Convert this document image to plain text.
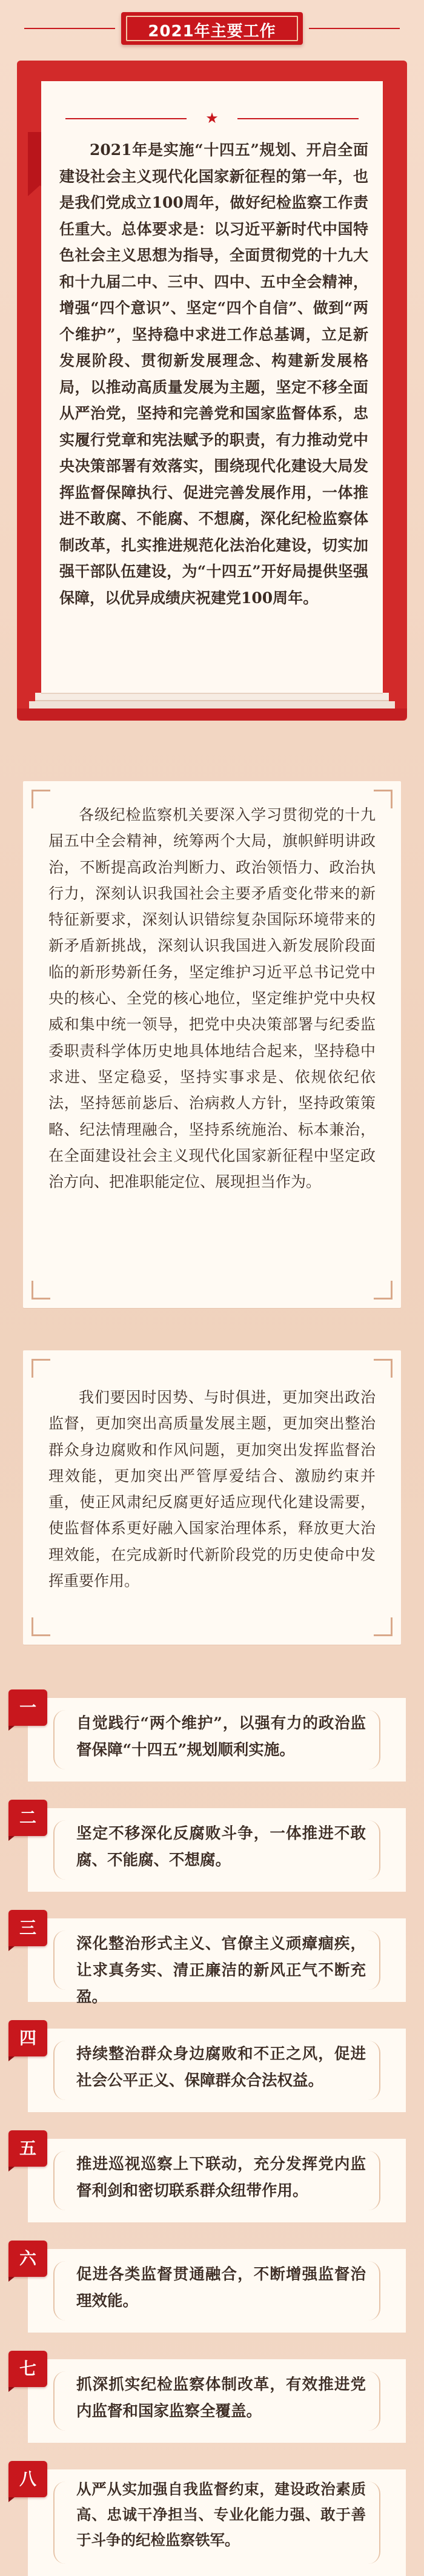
2021年主要工作
★

2021年是实施“十四五”规划、开启全面建设社会主义现代化国家新征程的第一年，也是我们党成立100周年，做好纪检监察工作责任重大。总体要求是：以习近平新时代中国特色社会主义思想为指导，全面贯彻党的十九大和十九届二中、三中、四中、五中全会精神，增强“四个意识”、坚定“四个自信”、做到“两个维护”，坚持稳中求进工作总基调，立足新发展阶段、贯彻新发展理念、构建新发展格局，以推动高质量发展为主题，坚定不移全面从严治党，坚持和完善党和国家监督体系，忠实履行党章和宪法赋予的职责，有力推动党中央决策部署有效落实，围绕现代化建设大局发挥监督保障执行、促进完善发展作用，一体推进不敢腐、不能腐、不想腐，深化纪检监察体制改革，扎实推进规范化法治化建设，切实加强干部队伍建设，为“十四五”开好局提供坚强保障，以优异成绩庆祝建党100周年。

各级纪检监察机关要深入学习贯彻党的十九届五中全会精神，统筹两个大局，旗帜鲜明讲政治，不断提高政治判断力、政治领悟力、政治执行力，深刻认识我国社会主要矛盾变化带来的新特征新要求，深刻认识错综复杂国际环境带来的新矛盾新挑战，深刻认识我国进入新发展阶段面临的新形势新任务，坚定维护习近平总书记党中央的核心、全党的核心地位，坚定维护党中央权威和集中统一领导，把党中央决策部署与纪委监委职责科学体历史地具体地结合起来，坚持稳中求进、坚定稳妥，坚持实事求是、依规依纪依法，坚持惩前毖后、治病救人方针，坚持政策策略、纪法情理融合，坚持系统施治、标本兼治，在全面建设社会主义现代化国家新征程中坚定政治方向、把准职能定位、展现担当作为。

我们要因时因势、与时俱进，更加突出政治监督，更加突出高质量发展主题，更加突出整治群众身边腐败和作风问题，更加突出发挥监督治理效能，更加突出严管厚爱结合、激励约束并重，使正风肃纪反腐更好适应现代化建设需要，使监督体系更好融入国家治理体系，释放更大治理效能，在完成新时代新阶段党的历史使命中发挥重要作用。

一
自觉践行“两个维护”，以强有力的政治监督保障“十四五”规划顺利实施。
二
坚定不移深化反腐败斗争，一体推进不敢腐、不能腐、不想腐。
三
深化整治形式主义、官僚主义顽瘴痼疾，让求真务实、清正廉洁的新风正气不断充盈。
四
持续整治群众身边腐败和不正之风，促进社会公平正义、保障群众合法权益。
五
推进巡视巡察上下联动，充分发挥党内监督利剑和密切联系群众纽带作用。
六
促进各类监督贯通融合，不断增强监督治理效能。
七
抓深抓实纪检监察体制改革，有效推进党内监督和国家监察全覆盖。
八
从严从实加强自我监督约束，建设政治素质高、忠诚干净担当、专业化能力强、敢于善于斗争的纪检监察铁军。
